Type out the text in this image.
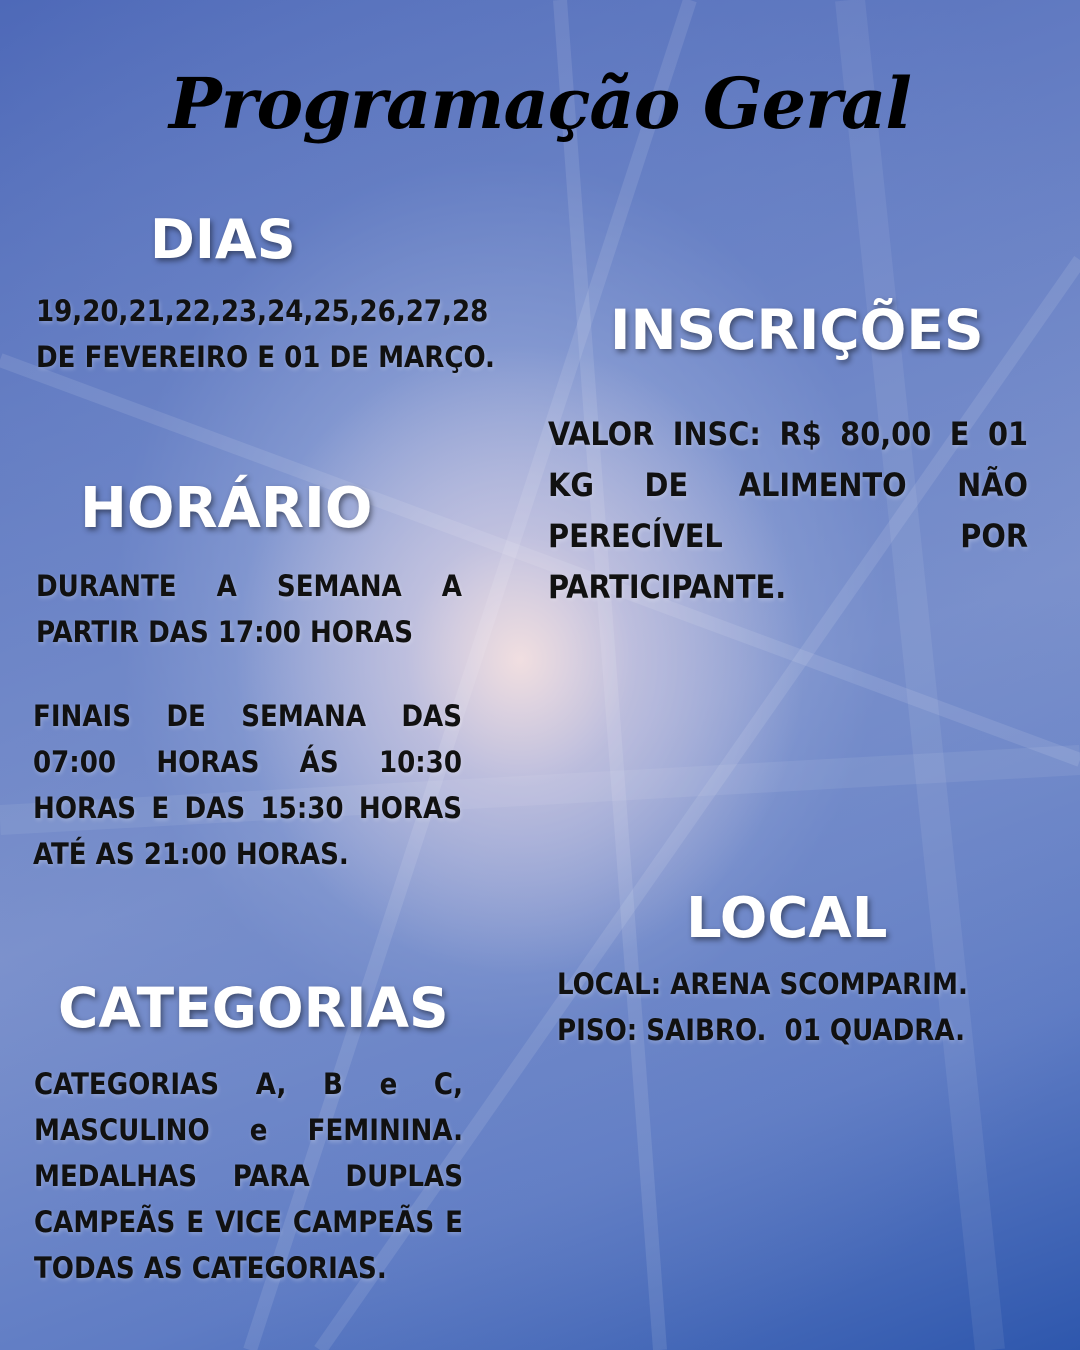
Programação Geral
DIAS

19,20,21,22,23,24,25,26,27,28 DE FEVEREIRO E 01 DE MARÇO.

HORÁRIO

DURANTE A SEMANA A PARTIR DAS 17:00 HORAS

FINAIS DE SEMANA DAS 07:00 HORAS ÁS 10:30 HORAS E DAS 15:30 HORAS ATÉ AS 21:00 HORAS.

CATEGORIAS

CATEGORIAS A, B e C, MASCULINO e FEMININA. MEDALHAS PARA DUPLAS CAMPEÃS E VICE CAMPEÃS E TODAS AS CATEGORIAS.

INSCRIÇÕES

VALOR INSC: R$ 80,00 E 01 KG DE ALIMENTO NÃO PERECÍVEL POR PARTICIPANTE.

LOCAL

LOCAL: ARENA SCOMPARIM.

PISO: SAIBRO.  01 QUADRA.
